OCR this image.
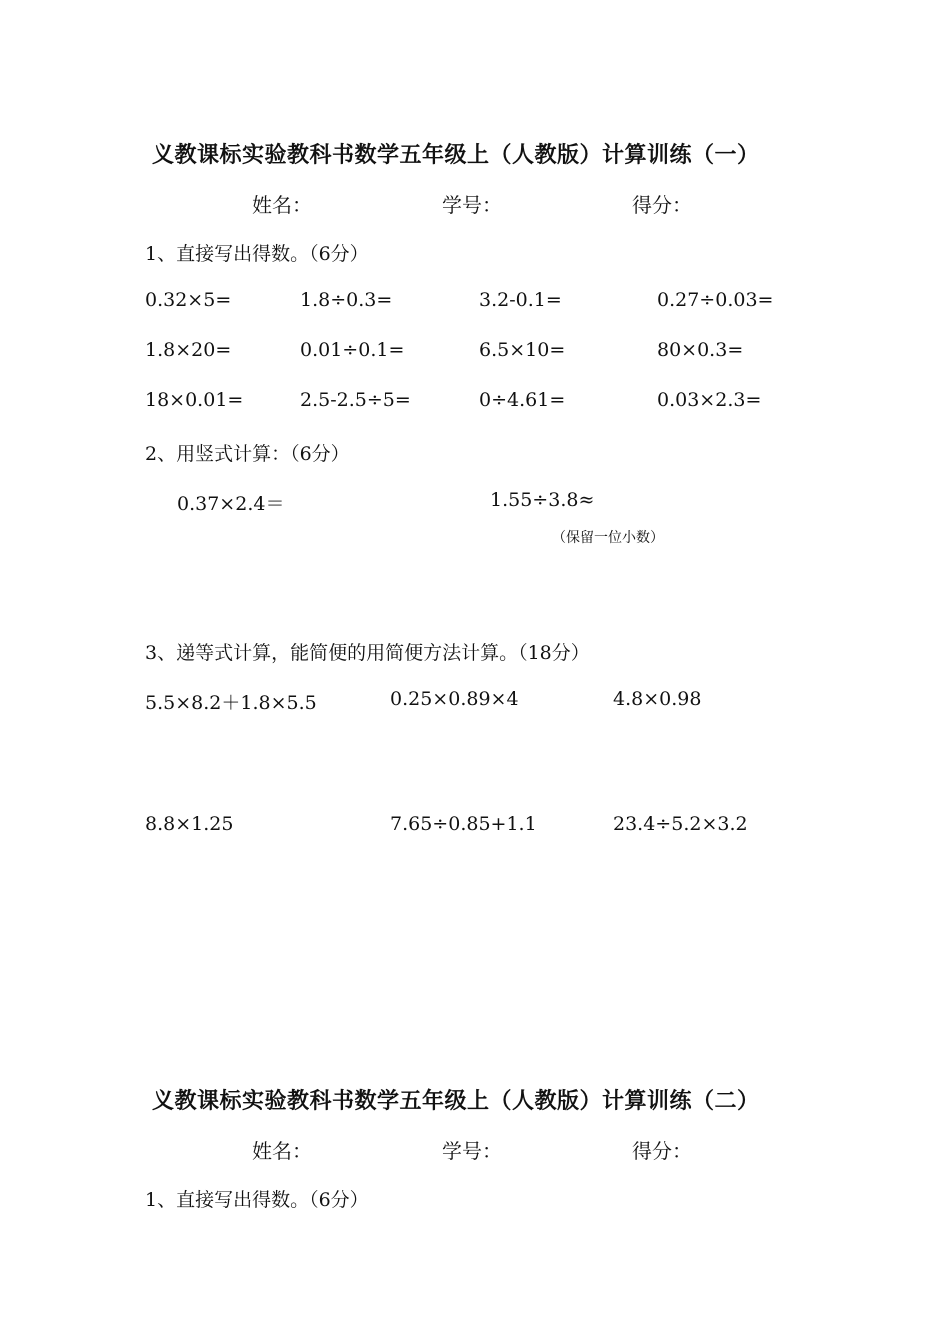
义教课标实验教科书数学五年级上（人教版）计算训练（一）
姓名：	学号：	得分：
1、直接写出得数。（6分）
0.32×5=	1.8÷0.3=	3.2-0.1=	0.27÷0.03=
1.8×20=	0.01÷0.1=	6.5×10=	80×0.3=
18×0.01=	2.5-2.5÷5=	0÷4.61=	0.03×2.3=
2、用竖式计算：（6分）
0.37×2.4＝	1.55÷3.8≈
（保留一位小数）
3、递等式计算，能简便的用简便方法计算。（18分）
5.5×8.2＋1.8×5.5	0.25×0.89×4	4.8×0.98
8.8×1.25	7.65÷0.85+1.1	23.4÷5.2×3.2
义教课标实验教科书数学五年级上（人教版）计算训练（二）
姓名：	学号：	得分：
1、直接写出得数。（6分）
